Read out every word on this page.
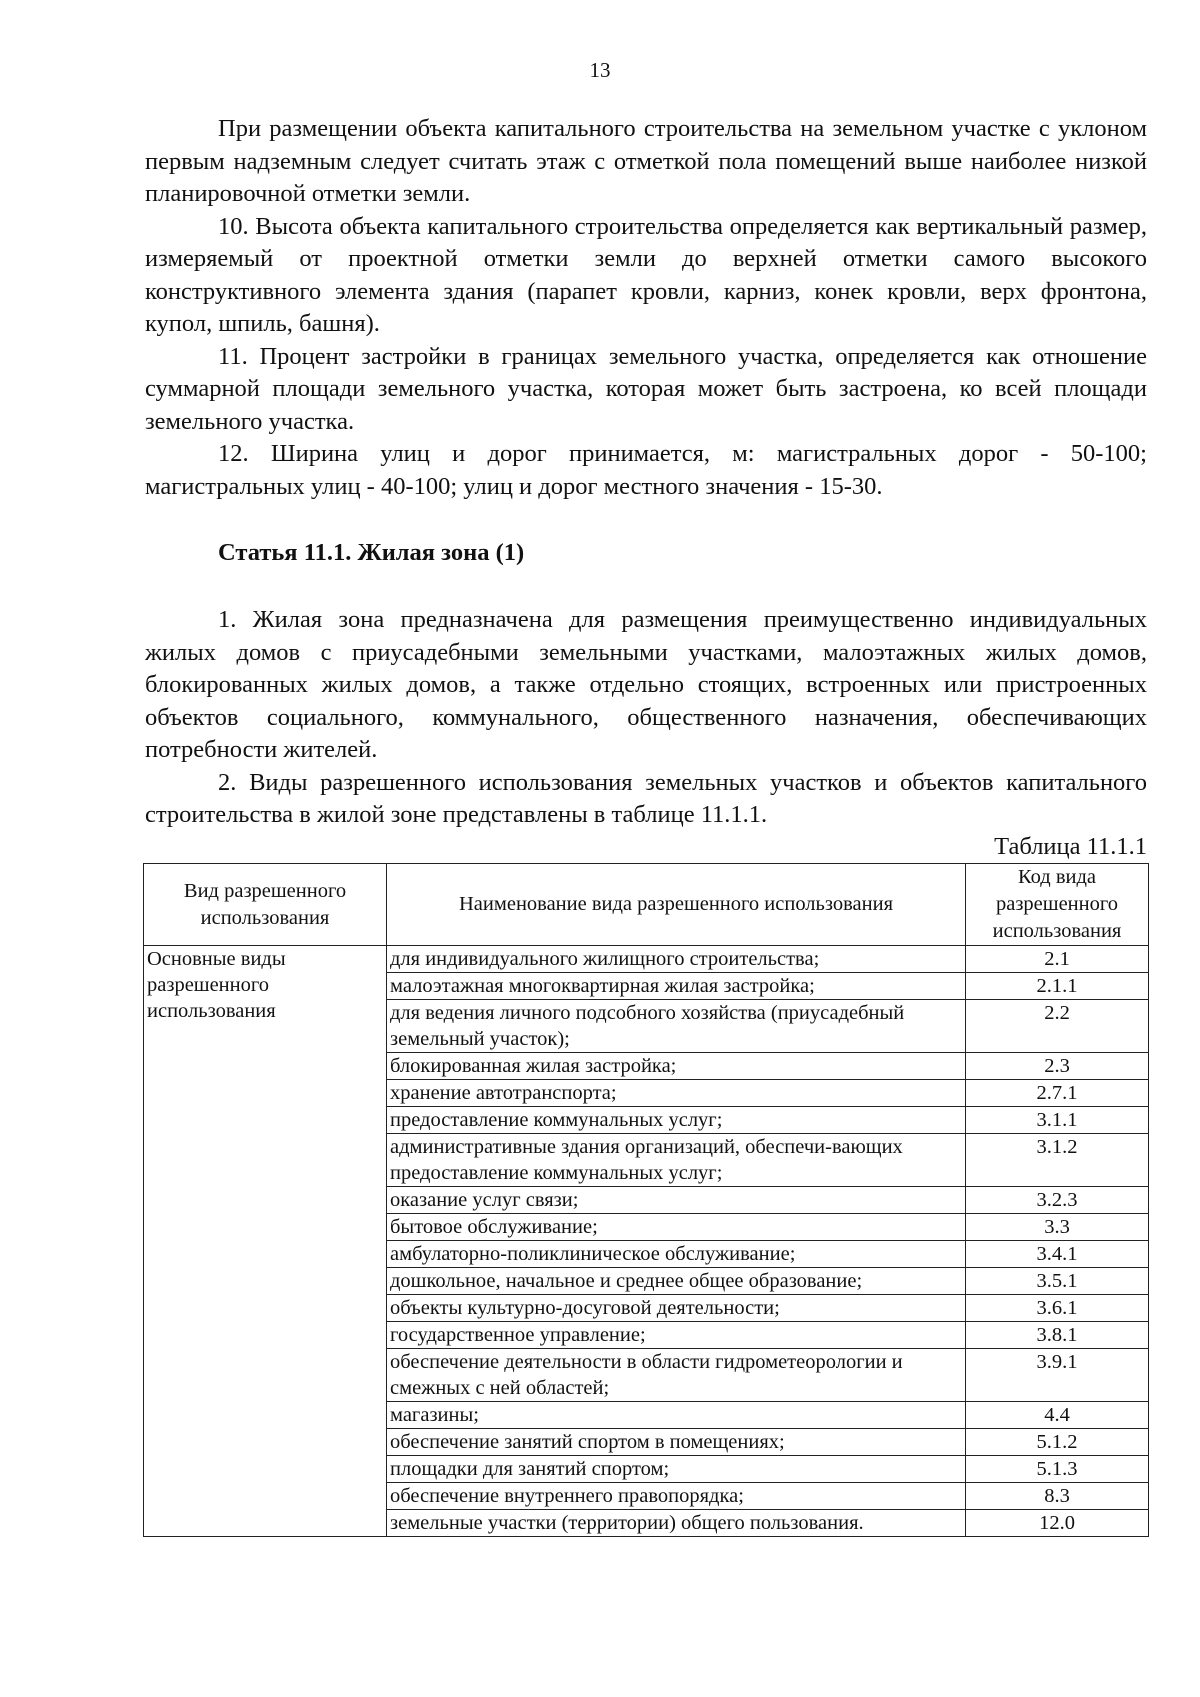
13

При размещении объекта капитального строительства на земельном участке с уклоном первым надземным следует считать этаж с отметкой пола помещений выше наиболее низкой планировочной отметки земли.

10. Высота объекта капитального строительства определяется как вертикальный размер, измеряемый от проектной отметки земли до верхней отметки самого высокого конструктивного элемента здания (парапет кровли, карниз, конек кровли, верх фронтона, купол, шпиль, башня).

11. Процент застройки в границах земельного участка, определяется как отношение суммарной площади земельного участка, которая может быть застроена, ко всей площади земельного участка.

12. Ширина улиц и дорог принимается, м: магистральных дорог - 50-100; магистральных улиц - 40-100; улиц и дорог местного значения - 15-30.

Статья 11.1. Жилая зона (1)

1. Жилая зона предназначена для размещения преимущественно индивидуальных жилых домов с приусадебными земельными участками, малоэтажных жилых домов, блокированных жилых домов, а также отдельно стоящих, встроенных или пристроенных объектов социального, коммунального, общественного назначения, обеспечивающих потребности жителей.

2. Виды разрешенного использования земельных участков и объектов капитального строительства в жилой зоне представлены в таблице 11.1.1.

Таблица 11.1.1
Вид разрешенного использования	Наименование вида разрешенного использования	Код вида разрешенного использования
Основные виды разрешенного использования	для индивидуального жилищного строительства;	2.1
	малоэтажная многоквартирная жилая застройка;	2.1.1
	для ведения личного подсобного хозяйства (приусадебный земельный участок);	2.2
	блокированная жилая застройка;	2.3
	хранение автотранспорта;	2.7.1
	предоставление коммунальных услуг;	3.1.1
	административные здания организаций, обеспечи-вающих предоставление коммунальных услуг;	3.1.2
	оказание услуг связи;	3.2.3
	бытовое обслуживание;	3.3
	амбулаторно-поликлиническое обслуживание;	3.4.1
	дошкольное, начальное и среднее общее образование;	3.5.1
	объекты культурно-досуговой деятельности;	3.6.1
	государственное управление;	3.8.1
	обеспечение деятельности в области гидрометеорологии и смежных с ней областей;	3.9.1
	магазины;	4.4
	обеспечение занятий спортом в помещениях;	5.1.2
	площадки для занятий спортом;	5.1.3
	обеспечение внутреннего правопорядка;	8.3
	земельные участки (территории) общего пользования.	12.0
